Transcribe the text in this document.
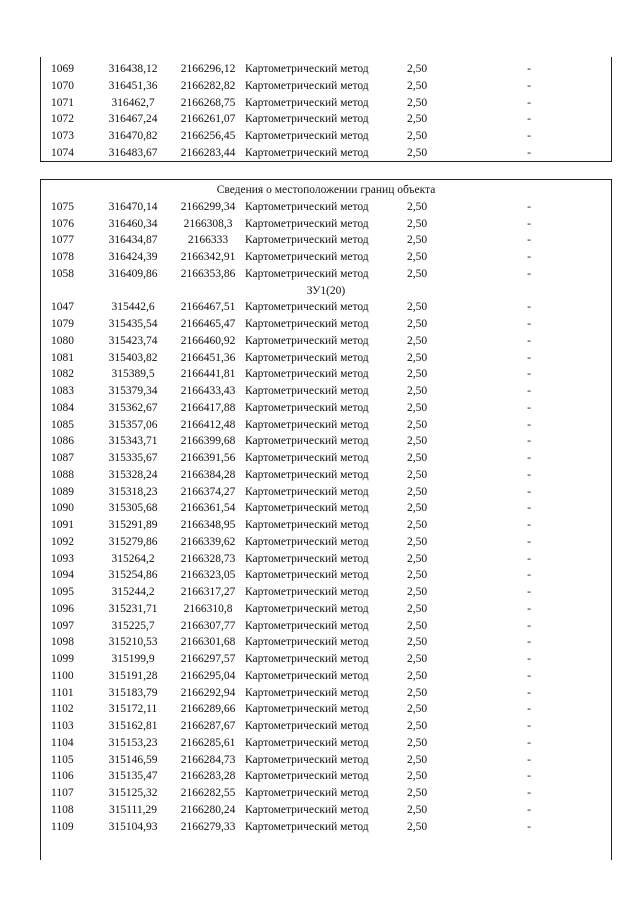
1069	316438,12	2166296,12 Картометрический метод	2,50	-
1070	316451,36	2166282,82 Картометрический метод	2,50	-
1071	316462,7	2166268,75 Картометрический метод	2,50	-
1072	316467,24	2166261,07 Картометрический метод	2,50	-
1073	316470,82	2166256,45 Картометрический метод	2,50	-
1074	316483,67	2166283,44 Картометрический метод	2,50	-
Сведения о местоположении границ объекта
1075	316470,14	2166299,34 Картометрический метод	2,50	-
1076	316460,34	2166308,3	Картометрический метод	2,50	-
1077	316434,87	2166333	Картометрический метод	2,50	-
1078	316424,39	2166342,91 Картометрический метод	2,50	-
1058	316409,86	2166353,86 Картометрический метод	2,50	-
ЗУ1(20)
1047	315442,6	2166467,51 Картометрический метод	2,50	-
1079	315435,54	2166465,47 Картометрический метод	2,50	-
1080	315423,74	2166460,92 Картометрический метод	2,50	-
1081	315403,82	2166451,36 Картометрический метод	2,50	-
1082	315389,5	2166441,81 Картометрический метод	2,50	-
1083	315379,34	2166433,43 Картометрический метод	2,50	-
1084	315362,67	2166417,88 Картометрический метод	2,50	-
1085	315357,06	2166412,48 Картометрический метод	2,50	-
1086	315343,71	2166399,68 Картометрический метод	2,50	-
1087	315335,67	2166391,56 Картометрический метод	2,50	-
1088	315328,24	2166384,28 Картометрический метод	2,50	-
1089	315318,23	2166374,27 Картометрический метод	2,50	-
1090	315305,68	2166361,54 Картометрический метод	2,50	-
1091	315291,89	2166348,95 Картометрический метод	2,50	-
1092	315279,86	2166339,62 Картометрический метод	2,50	-
1093	315264,2	2166328,73 Картометрический метод	2,50	-
1094	315254,86	2166323,05 Картометрический метод	2,50	-
1095	315244,2	2166317,27 Картометрический метод	2,50	-
1096	315231,71	2166310,8	Картометрический метод	2,50	-
1097	315225,7	2166307,77 Картометрический метод	2,50	-
1098	315210,53	2166301,68 Картометрический метод	2,50	-
1099	315199,9	2166297,57 Картометрический метод	2,50	-
1100	315191,28	2166295,04 Картометрический метод	2,50	-
1101	315183,79	2166292,94 Картометрический метод	2,50	-
1102	315172,11	2166289,66 Картометрический метод	2,50	-
1103	315162,81	2166287,67 Картометрический метод	2,50	-
1104	315153,23	2166285,61 Картометрический метод	2,50	-
1105	315146,59	2166284,73 Картометрический метод	2,50	-
1106	315135,47	2166283,28 Картометрический метод	2,50	-
1107	315125,32	2166282,55 Картометрический метод	2,50	-
1108	315111,29	2166280,24 Картометрический метод	2,50	-
1109	315104,93	2166279,33 Картометрический метод	2,50	-
